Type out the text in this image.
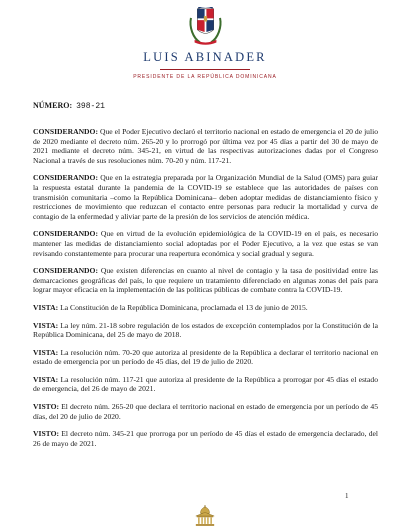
LUIS ABINADER
PRESIDENTE DE LA REPÚBLICA DOMINICANA
NÚMERO: 398-21

CONSIDERANDO: Que el Poder Ejecutivo declaró el territorio nacional en estado de emergencia el 20 de julio de 2020 mediante el decreto núm. 265-20 y lo prorrogó por última vez por 45 días a partir del 30 de mayo de 2021 mediante el decreto núm. 345-21, en virtud de las respectivas autorizaciones dadas por el Congreso Nacional a través de sus resoluciones núm. 70-20 y núm. 117-21.

CONSIDERANDO: Que en la estrategia preparada por la Organización Mundial de la Salud (OMS) para guiar la respuesta estatal durante la pandemia de la COVID-19 se establece que las autoridades de países con transmisión comunitaria –como la República Dominicana– deben adoptar medidas de distanciamiento físico y restricciones de movimiento que reduzcan el contacto entre personas para reducir la mortalidad y curva de contagio de la enfermedad y aliviar parte de la presión de los servicios de atención médica.

CONSIDERANDO: Que en virtud de la evolución epidemiológica de la COVID-19 en el país, es necesario mantener las medidas de distanciamiento social adoptadas por el Poder Ejecutivo, a la vez que estas se van revisando constantemente para procurar una reapertura económica y social gradual y segura.

CONSIDERANDO: Que existen diferencias en cuanto al nivel de contagio y la tasa de positividad entre las demarcaciones geográficas del país, lo que requiere un tratamiento diferenciado en algunas zonas del país para lograr mayor eficacia en la implementación de las políticas públicas de combate contra la COVID-19.

VISTA: La Constitución de la República Dominicana, proclamada el 13 de junio de 2015.

VISTA: La ley núm. 21-18 sobre regulación de los estados de excepción contemplados por la Constitución de la República Dominicana, del 25 de mayo de 2018.

VISTA: La resolución núm. 70-20 que autoriza al presidente de la República a declarar el territorio nacional en estado de emergencia por un período de 45 días, del 19 de julio de 2020.

VISTA: La resolución núm. 117-21 que autoriza al presidente de la República a prorrogar por 45 días el estado de emergencia, del 26 de mayo de 2021.

VISTO: El decreto núm. 265-20 que declara el territorio nacional en estado de emergencia por un período de 45 días, del 20 de julio de 2020.

VISTO: El decreto núm. 345-21 que prorroga por un período de 45 días el estado de emergencia declarado, del 26 de mayo de 2021.

1
